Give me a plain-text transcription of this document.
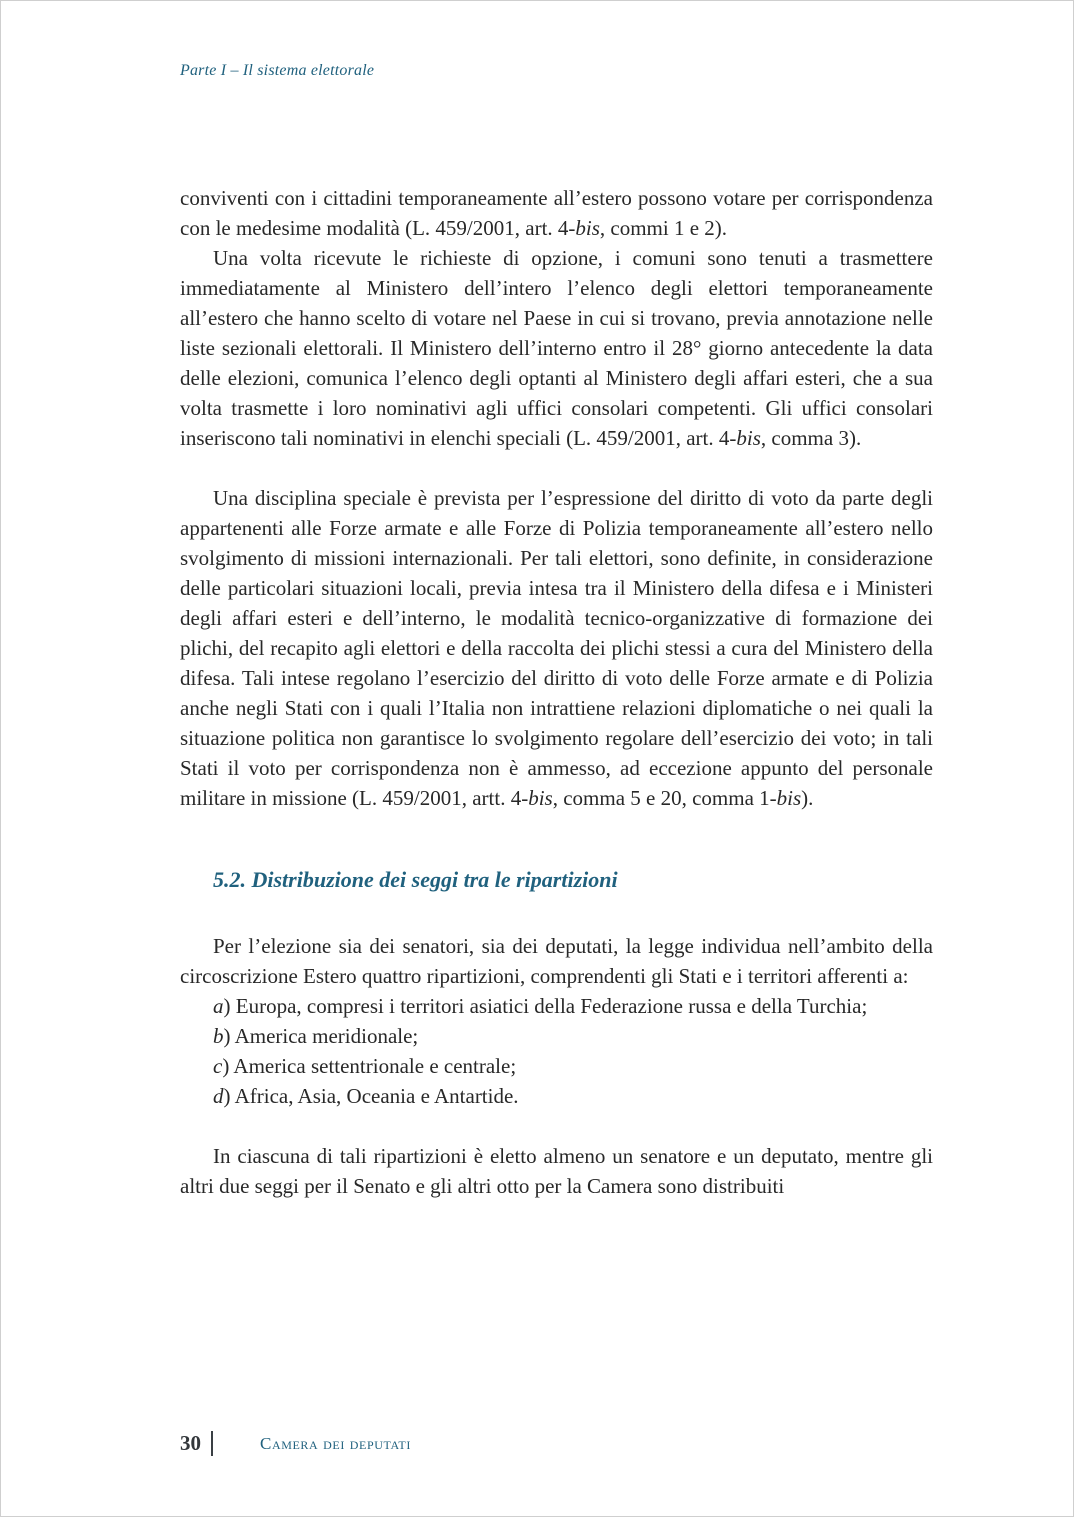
Parte I – Il sistema elettorale

conviventi con i cittadini temporaneamente all’estero possono votare per corrispondenza con le medesime modalità (L. 459/2001, art. 4-bis, commi 1 e 2).

Una volta ricevute le richieste di opzione, i comuni sono tenuti a trasmettere immediatamente al Ministero dell’intero l’elenco degli elettori temporaneamente all’estero che hanno scelto di votare nel Paese in cui si trovano, previa annotazione nelle liste sezionali elettorali. Il Ministero dell’interno entro il 28° giorno antecedente la data delle elezioni, comunica l’elenco degli optanti al Ministero degli affari esteri, che a sua volta trasmette i loro nominativi agli uffici consolari competenti. Gli uffici consolari inseriscono tali nominativi in elenchi speciali (L. 459/2001, art. 4-bis, comma 3).

Una disciplina speciale è prevista per l’espressione del diritto di voto da parte degli appartenenti alle Forze armate e alle Forze di Polizia temporaneamente all’estero nello svolgimento di missioni internazionali. Per tali elettori, sono definite, in considerazione delle particolari situazioni locali, previa intesa tra il Ministero della difesa e i Ministeri degli affari esteri e dell’interno, le modalità tecnico-organizzative di formazione dei plichi, del recapito agli elettori e della raccolta dei plichi stessi a cura del Ministero della difesa. Tali intese regolano l’esercizio del diritto di voto delle Forze armate e di Polizia anche negli Stati con i quali l’Italia non intrattiene relazioni diplomatiche o nei quali la situazione politica non garantisce lo svolgimento regolare dell’esercizio dei voto; in tali Stati il voto per corrispondenza non è ammesso, ad eccezione appunto del personale militare in missione (L. 459/2001, artt. 4-bis, comma 5 e 20, comma 1-bis).

5.2. Distribuzione dei seggi tra le ripartizioni

Per l’elezione sia dei senatori, sia dei deputati, la legge individua nell’ambito della circoscrizione Estero quattro ripartizioni, comprendenti gli Stati e i territori afferenti a:

a) Europa, compresi i territori asiatici della Federazione russa e della Turchia;

b) America meridionale;

c) America settentrionale e centrale;

d) Africa, Asia, Oceania e Antartide.

In ciascuna di tali ripartizioni è eletto almeno un senatore e un deputato, mentre gli altri due seggi per il Senato e gli altri otto per la Camera sono distribuiti

30	Camera dei deputati
